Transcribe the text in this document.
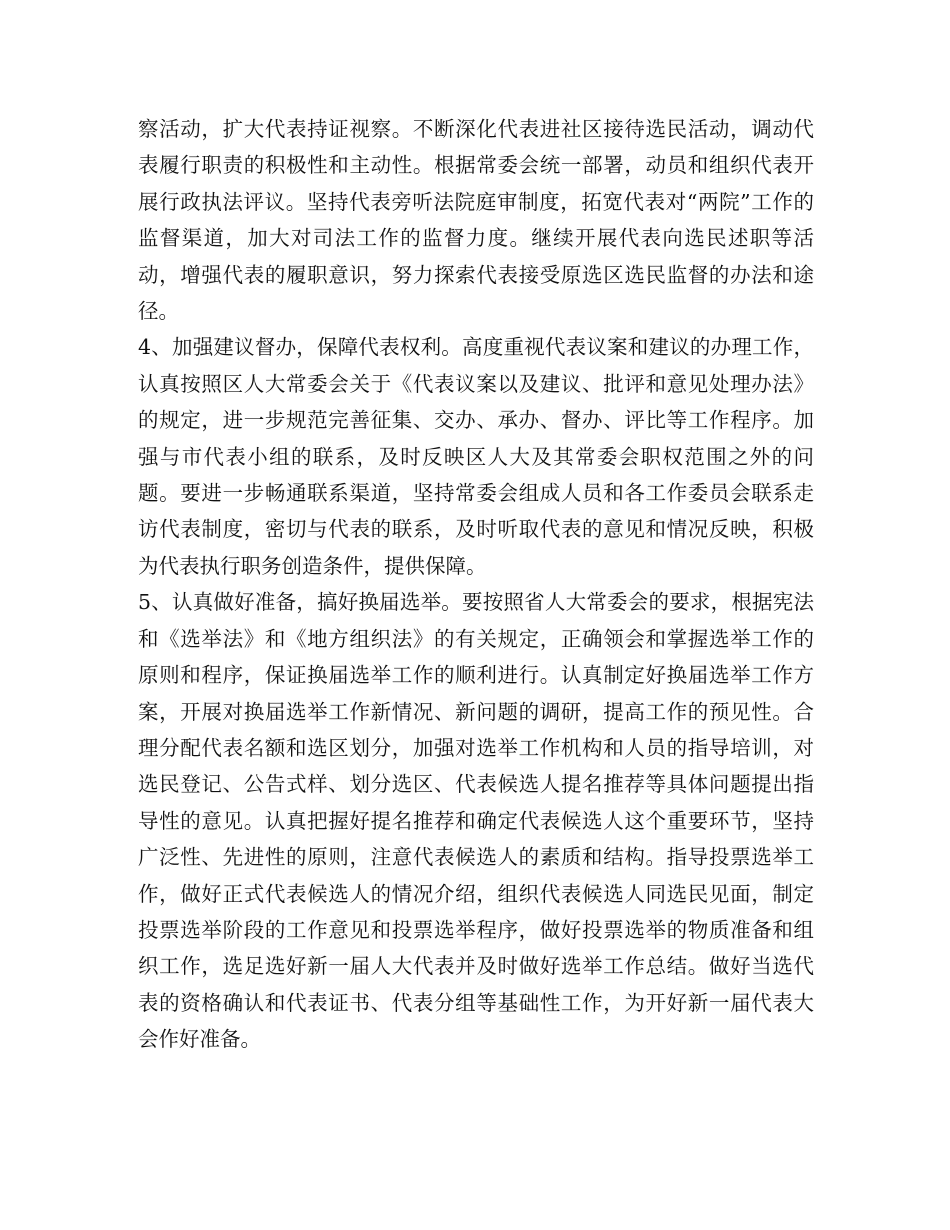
察活动，扩大代表持证视察。不断深化代表进社区接待选民活动，调动代表履行职责的积极性和主动性。根据常委会统一部署，动员和组织代表开展行政执法评议。坚持代表旁听法院庭审制度，拓宽代表对“两院”工作的监督渠道，加大对司法工作的监督力度。继续开展代表向选民述职等活动，增强代表的履职意识，努力探索代表接受原选区选民监督的办法和途径。

4、加强建议督办，保障代表权利。高度重视代表议案和建议的办理工作，认真按照区人大常委会关于《代表议案以及建议、批评和意见处理办法》的规定，进一步规范完善征集、交办、承办、督办、评比等工作程序。加强与市代表小组的联系，及时反映区人大及其常委会职权范围之外的问题。要进一步畅通联系渠道，坚持常委会组成人员和各工作委员会联系走访代表制度，密切与代表的联系，及时听取代表的意见和情况反映，积极为代表执行职务创造条件，提供保障。

5、认真做好准备，搞好换届选举。要按照省人大常委会的要求，根据宪法和《选举法》和《地方组织法》的有关规定，正确领会和掌握选举工作的原则和程序，保证换届选举工作的顺利进行。认真制定好换届选举工作方案，开展对换届选举工作新情况、新问题的调研，提高工作的预见性。合理分配代表名额和选区划分，加强对选举工作机构和人员的指导培训，对选民登记、公告式样、划分选区、代表候选人提名推荐等具体问题提出指导性的意见。认真把握好提名推荐和确定代表候选人这个重要环节，坚持广泛性、先进性的原则，注意代表候选人的素质和结构。指导投票选举工作，做好正式代表候选人的情况介绍，组织代表候选人同选民见面，制定投票选举阶段的工作意见和投票选举程序，做好投票选举的物质准备和组织工作，选足选好新一届人大代表并及时做好选举工作总结。做好当选代表的资格确认和代表证书、代表分组等基础性工作，为开好新一届代表大会作好准备。
